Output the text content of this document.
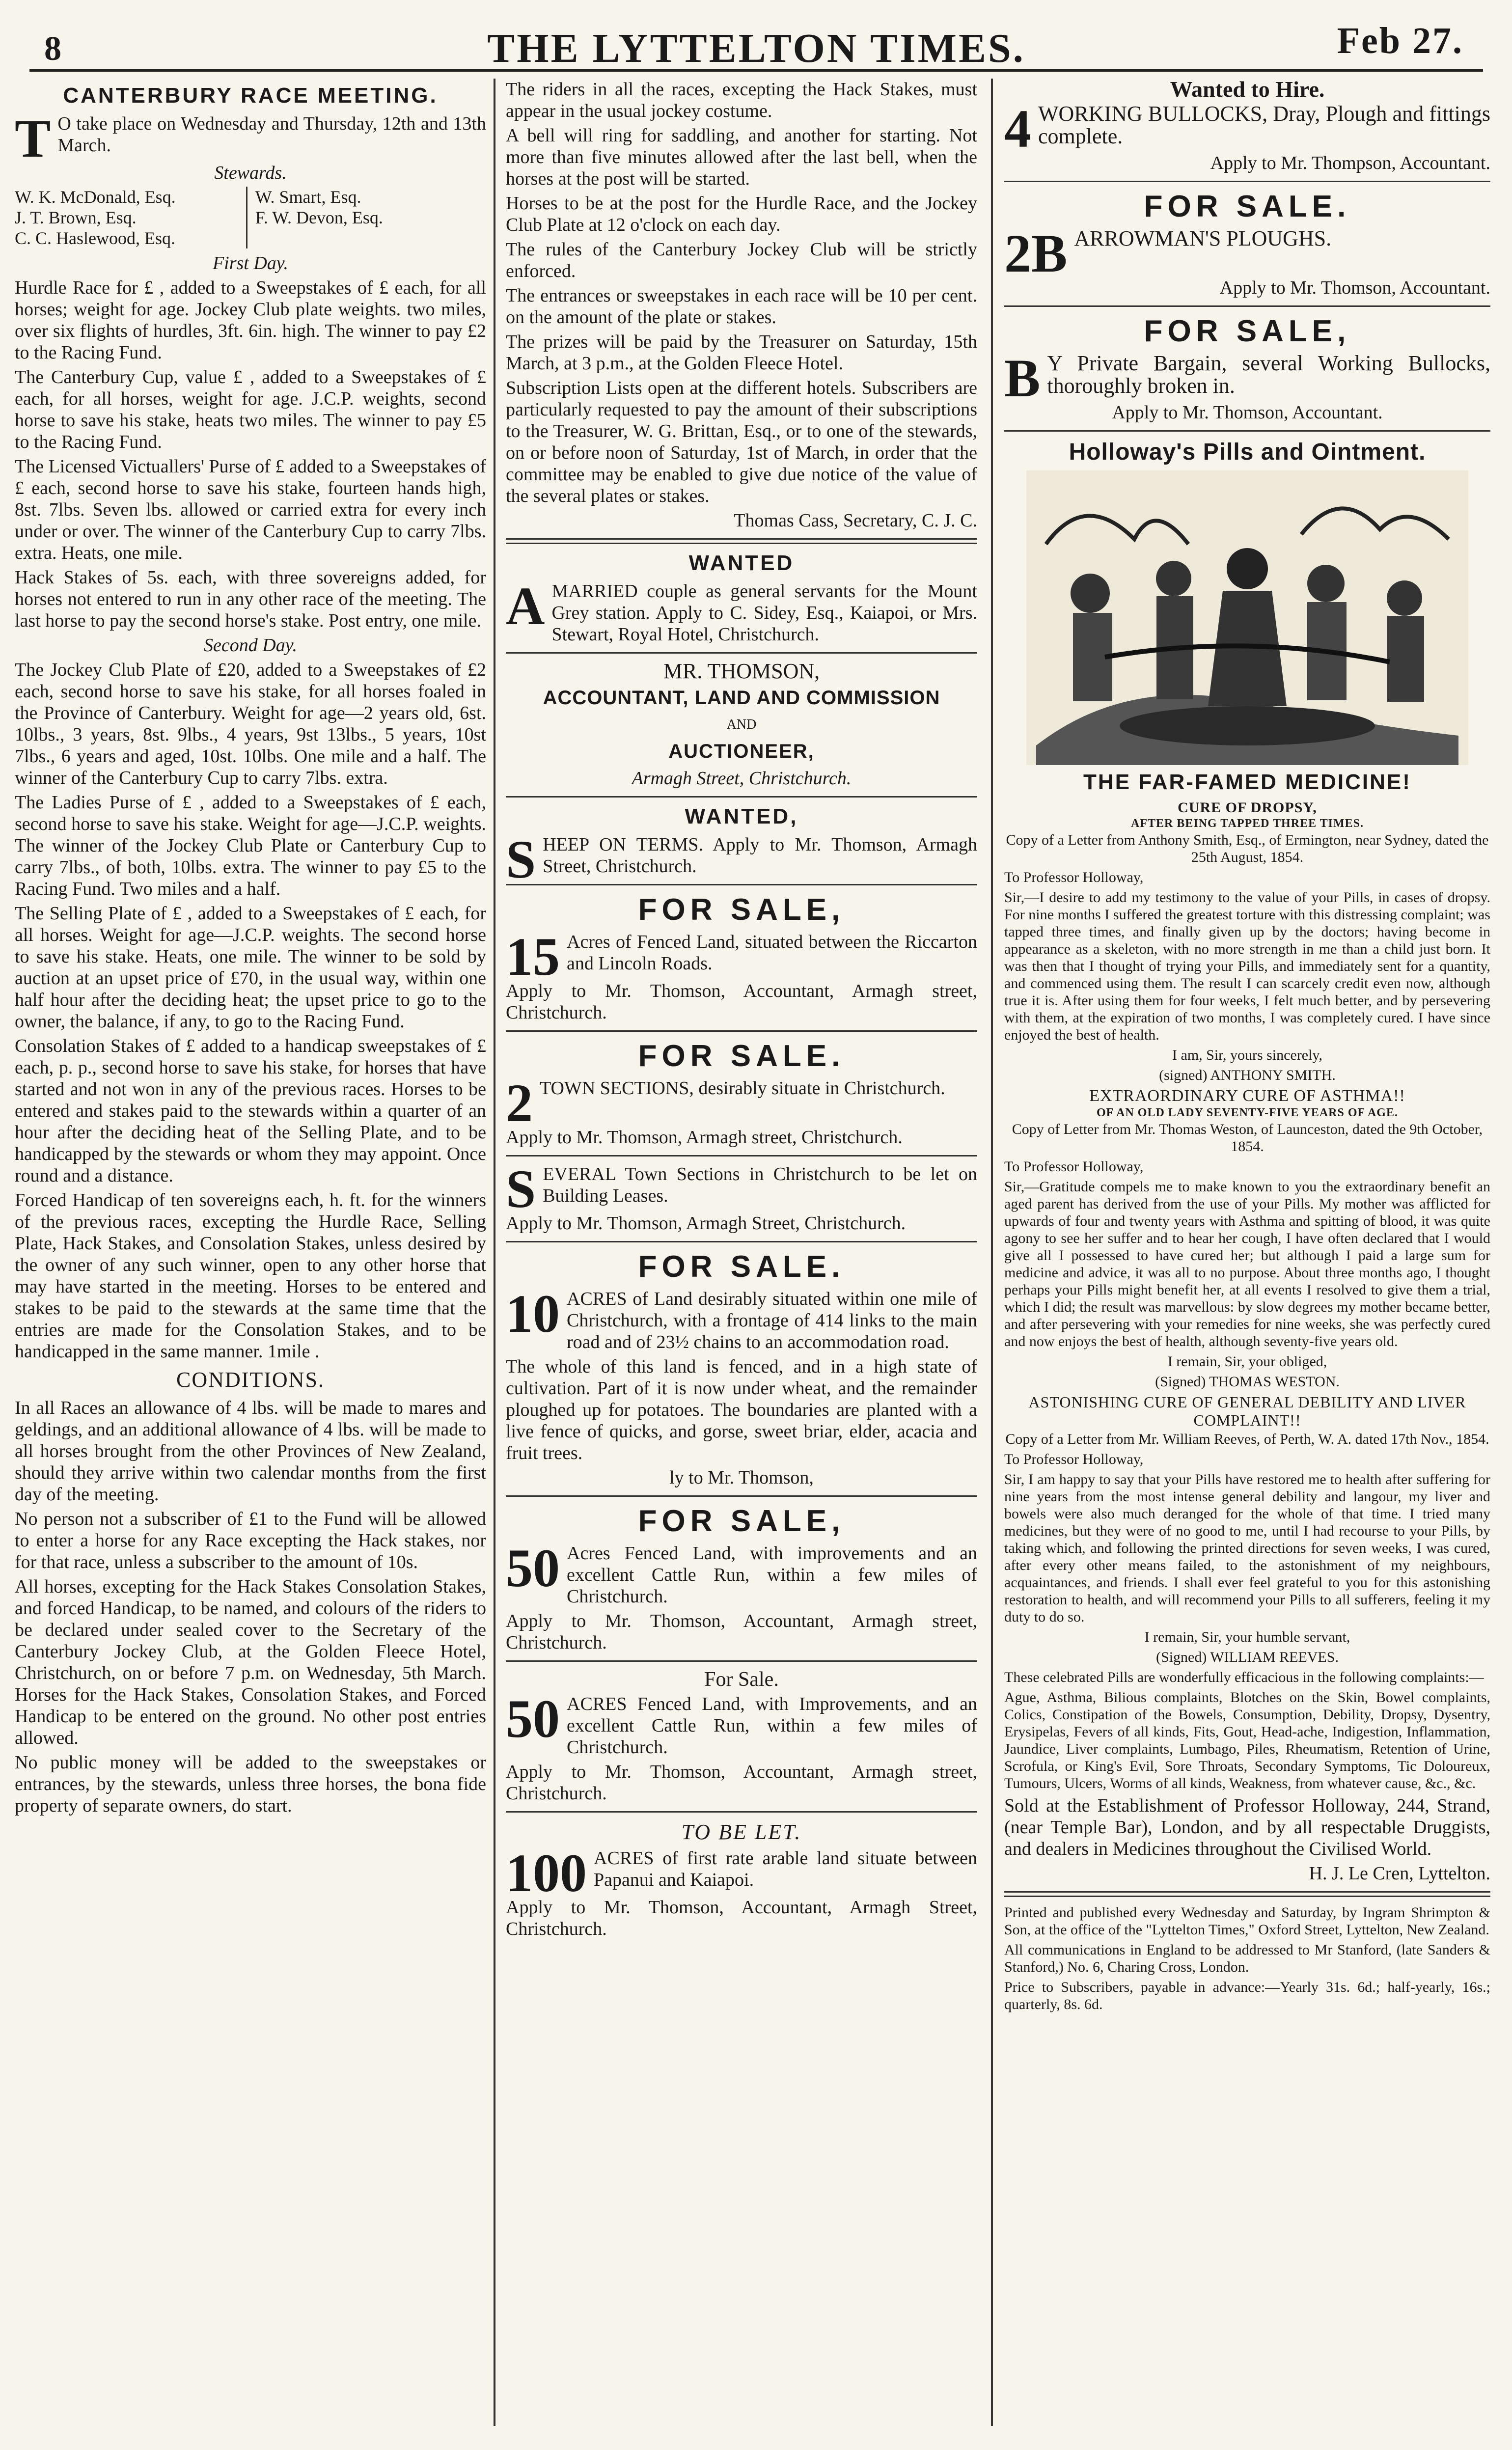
8	THE LYTTELTON TIMES.	Feb 27.
CANTERBURY RACE MEETING.

T O take place on Wednesday and Thursday, 12th and 13th March.

Stewards.
W. K. McDonald, Esq.
J. T. Brown, Esq.
C. C. Haslewood, Esq.
W. Smart, Esq.
F. W. Devon, Esq.
First Day.

Hurdle Race for £ , added to a Sweepstakes of £ each, for all horses; weight for age. Jockey Club plate weights. two miles, over six flights of hurdles, 3ft. 6in. high. The winner to pay £2 to the Racing Fund.

The Canterbury Cup, value £ , added to a Sweepstakes of £ each, for all horses, weight for age. J.C.P. weights, second horse to save his stake, heats two miles. The winner to pay £5 to the Racing Fund.

The Licensed Victuallers' Purse of £ added to a Sweepstakes of £ each, second horse to save his stake, fourteen hands high, 8st. 7lbs. Seven lbs. allowed or carried extra for every inch under or over. The winner of the Canterbury Cup to carry 7lbs. extra. Heats, one mile.

Hack Stakes of 5s. each, with three sovereigns added, for horses not entered to run in any other race of the meeting. The last horse to pay the second horse's stake. Post entry, one mile.

Second Day.

The Jockey Club Plate of £20, added to a Sweepstakes of £2 each, second horse to save his stake, for all horses foaled in the Province of Canterbury. Weight for age—2 years old, 6st. 10lbs., 3 years, 8st. 9lbs., 4 years, 9st 13lbs., 5 years, 10st 7lbs., 6 years and aged, 10st. 10lbs. One mile and a half. The winner of the Canterbury Cup to carry 7lbs. extra.

The Ladies Purse of £ , added to a Sweepstakes of £ each, second horse to save his stake. Weight for age—J.C.P. weights. The winner of the Jockey Club Plate or Canterbury Cup to carry 7lbs., of both, 10lbs. extra. The winner to pay £5 to the Racing Fund. Two miles and a half.

The Selling Plate of £ , added to a Sweepstakes of £ each, for all horses. Weight for age—J.C.P. weights. The second horse to save his stake. Heats, one mile. The winner to be sold by auction at an upset price of £70, in the usual way, within one half hour after the deciding heat; the upset price to go to the owner, the balance, if any, to go to the Racing Fund.

Consolation Stakes of £ added to a handicap sweepstakes of £ each, p. p., second horse to save his stake, for horses that have started and not won in any of the previous races. Horses to be entered and stakes paid to the stewards within a quarter of an hour after the deciding heat of the Selling Plate, and to be handicapped by the stewards or whom they may appoint. Once round and a distance.

Forced Handicap of ten sovereigns each, h. ft. for the winners of the previous races, excepting the Hurdle Race, Selling Plate, Hack Stakes, and Consolation Stakes, unless desired by the owner of any such winner, open to any other horse that may have started in the meeting. Horses to be entered and stakes to be paid to the stewards at the same time that the entries are made for the Consolation Stakes, and to be handicapped in the same manner. 1mile .

CONDITIONS.

In all Races an allowance of 4 lbs. will be made to mares and geldings, and an additional allowance of 4 lbs. will be made to all horses brought from the other Provinces of New Zealand, should they arrive within two calendar months from the first day of the meeting.

No person not a subscriber of £1 to the Fund will be allowed to enter a horse for any Race excepting the Hack stakes, nor for that race, unless a subscriber to the amount of 10s.

All horses, excepting for the Hack Stakes Consolation Stakes, and forced Handicap, to be named, and colours of the riders to be declared under sealed cover to the Secretary of the Canterbury Jockey Club, at the Golden Fleece Hotel, Christchurch, on or before 7 p.m. on Wednesday, 5th March. Horses for the Hack Stakes, Consolation Stakes, and Forced Handicap to be entered on the ground. No other post entries allowed.

No public money will be added to the sweepstakes or entrances, by the stewards, unless three horses, the bona fide property of separate owners, do start.

The riders in all the races, excepting the Hack Stakes, must appear in the usual jockey costume.

A bell will ring for saddling, and another for starting. Not more than five minutes allowed after the last bell, when the horses at the post will be started.

Horses to be at the post for the Hurdle Race, and the Jockey Club Plate at 12 o'clock on each day.

The rules of the Canterbury Jockey Club will be strictly enforced.

The entrances or sweepstakes in each race will be 10 per cent. on the amount of the plate or stakes.

The prizes will be paid by the Treasurer on Saturday, 15th March, at 3 p.m., at the Golden Fleece Hotel.

Subscription Lists open at the different hotels. Subscribers are particularly requested to pay the amount of their subscriptions to the Treasurer, W. G. Brittan, Esq., or to one of the stewards, on or before noon of Saturday, 1st of March, in order that the committee may be enabled to give due notice of the value of the several plates or stakes.

Thomas Cass, Secretary, C. J. C.

WANTED

AMARRIED couple as general servants for the Mount Grey station. Apply to C. Sidey, Esq., Kaiapoi, or Mrs. Stewart, Royal Hotel, Christchurch.

MR. THOMSON,

ACCOUNTANT, LAND AND COMMISSION

AND

AUCTIONEER,
Armagh Street, Christchurch.
WANTED,

SHEEP ON TERMS. Apply to Mr. Thomson, Armagh Street, Christchurch.

FOR SALE,

15 Acres of Fenced Land, situated between the Riccarton and Lincoln Roads.

Apply to Mr. Thomson, Accountant, Armagh street, Christchurch.

FOR SALE.

2 TOWN SECTIONS, desirably situate in Christchurch.

Apply to Mr. Thomson, Armagh street, Christchurch.

SEVERAL Town Sections in Christchurch to be let on Building Leases.

Apply to Mr. Thomson, Armagh Street, Christchurch.

FOR SALE.

10 ACRES of Land desirably situated within one mile of Christchurch, with a frontage of 414 links to the main road and of 23½ chains to an accommodation road.

The whole of this land is fenced, and in a high state of cultivation. Part of it is now under wheat, and the remainder ploughed up for potatoes. The boundaries are planted with a live fence of quicks, and gorse, sweet briar, elder, acacia and fruit trees.

ly to Mr. Thomson,

FOR SALE,

50 Acres Fenced Land, with improvements and an excellent Cattle Run, within a few miles of Christchurch.

Apply to Mr. Thomson, Accountant, Armagh street, Christchurch.

For Sale.

50 ACRES Fenced Land, with Improvements, and an excellent Cattle Run, within a few miles of Christchurch.

Apply to Mr. Thomson, Accountant, Armagh street, Christchurch.

TO BE LET.

100 ACRES of first rate arable land situate between Papanui and Kaiapoi.

Apply to Mr. Thomson, Accountant, Armagh Street, Christchurch.

Wanted to Hire.

4 WORKING BULLOCKS, Dray, Plough and fittings complete.

Apply to Mr. Thompson, Accountant.

FOR SALE.

2B ARROWMAN'S PLOUGHS.

Apply to Mr. Thomson, Accountant.

FOR SALE,

B Y Private Bargain, several Working Bullocks, thoroughly broken in.

Apply to Mr. Thomson, Accountant.

Holloway's Pills and Ointment.
THE FAR-FAMED MEDICINE!
CURE OF DROPSY,
AFTER BEING TAPPED THREE TIMES.

Copy of a Letter from Anthony Smith, Esq., of Ermington, near Sydney, dated the 25th August, 1854.

To Professor Holloway,

Sir,—I desire to add my testimony to the value of your Pills, in cases of dropsy. For nine months I suffered the greatest torture with this distressing complaint; was tapped three times, and finally given up by the doctors; having become in appearance as a skeleton, with no more strength in me than a child just born. It was then that I thought of trying your Pills, and immediately sent for a quantity, and commenced using them. The result I can scarcely credit even now, although true it is. After using them for four weeks, I felt much better, and by persevering with them, at the expiration of two months, I was completely cured. I have since enjoyed the best of health.

I am, Sir, yours sincerely,

(signed) ANTHONY SMITH.

EXTRAORDINARY CURE OF ASTHMA!!
OF AN OLD LADY SEVENTY-FIVE YEARS OF AGE.

Copy of Letter from Mr. Thomas Weston, of Launceston, dated the 9th October, 1854.

To Professor Holloway,

Sir,—Gratitude compels me to make known to you the extraordinary benefit an aged parent has derived from the use of your Pills. My mother was afflicted for upwards of four and twenty years with Asthma and spitting of blood, it was quite agony to see her suffer and to hear her cough, I have often declared that I would give all I possessed to have cured her; but although I paid a large sum for medicine and advice, it was all to no purpose. About three months ago, I thought perhaps your Pills might benefit her, at all events I resolved to give them a trial, which I did; the result was marvellous: by slow degrees my mother became better, and after persevering with your remedies for nine weeks, she was perfectly cured and now enjoys the best of health, although seventy-five years old.

I remain, Sir, your obliged,

(Signed) THOMAS WESTON.

ASTONISHING CURE OF GENERAL DEBILITY AND LIVER COMPLAINT!!

Copy of a Letter from Mr. William Reeves, of Perth, W. A. dated 17th Nov., 1854.

To Professor Holloway,

Sir, I am happy to say that your Pills have restored me to health after suffering for nine years from the most intense general debility and langour, my liver and bowels were also much deranged for the whole of that time. I tried many medicines, but they were of no good to me, until I had recourse to your Pills, by taking which, and following the printed directions for seven weeks, I was cured, after every other means failed, to the astonishment of my neighbours, acquaintances, and friends. I shall ever feel grateful to you for this astonishing restoration to health, and will recommend your Pills to all sufferers, feeling it my duty to do so.

I remain, Sir, your humble servant,

(Signed) WILLIAM REEVES.

These celebrated Pills are wonderfully efficacious in the following complaints:—

Ague, Asthma, Bilious complaints, Blotches on the Skin, Bowel complaints, Colics, Constipation of the Bowels, Consumption, Debility, Dropsy, Dysentry, Erysipelas, Fevers of all kinds, Fits, Gout, Head-ache, Indigestion, Inflammation, Jaundice, Liver complaints, Lumbago, Piles, Rheumatism, Retention of Urine, Scrofula, or King's Evil, Sore Throats, Secondary Symptoms, Tic Doloureux, Tumours, Ulcers, Worms of all kinds, Weakness, from whatever cause, &c., &c.

Sold at the Establishment of Professor Holloway, 244, Strand, (near Temple Bar), London, and by all respectable Druggists, and dealers in Medicines throughout the Civilised World.

H. J. Le Cren, Lyttelton.

Printed and published every Wednesday and Saturday, by Ingram Shrimpton & Son, at the office of the "Lyttelton Times," Oxford Street, Lyttelton, New Zealand.

All communications in England to be addressed to Mr Stanford, (late Sanders & Stanford,) No. 6, Charing Cross, London.

Price to Subscribers, payable in advance:—Yearly 31s. 6d.; half-yearly, 16s.; quarterly, 8s. 6d.
